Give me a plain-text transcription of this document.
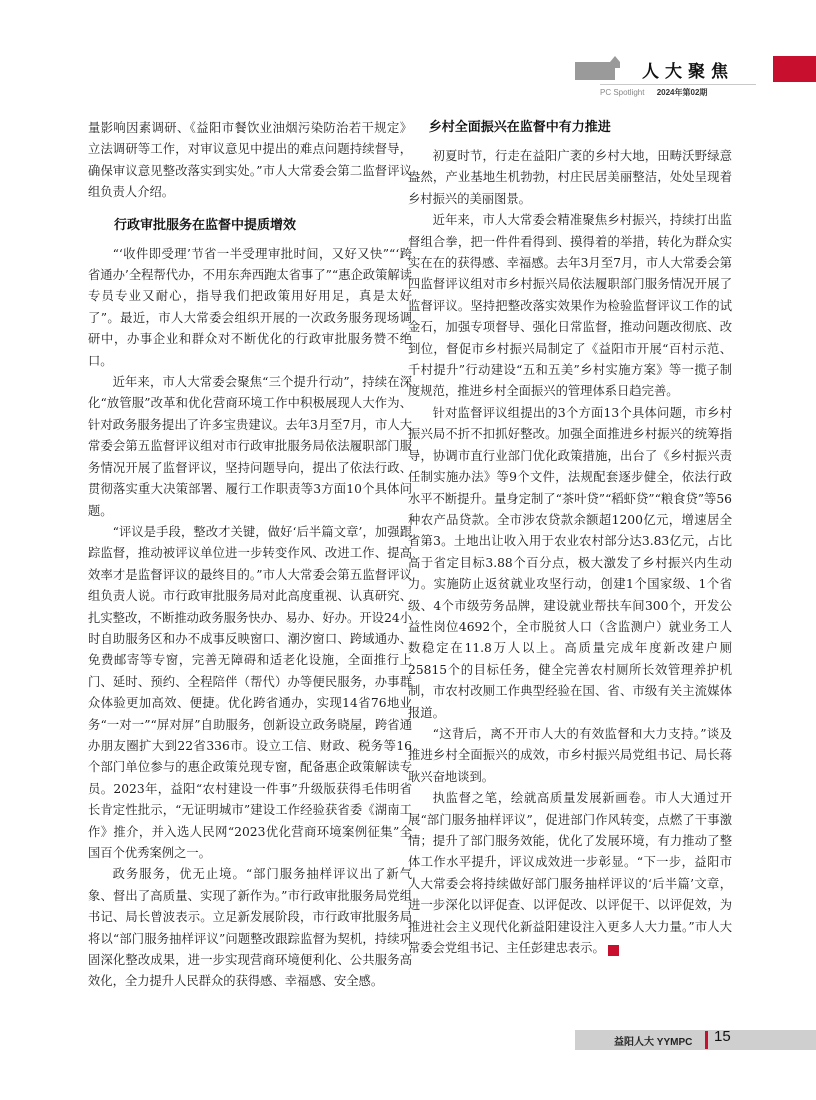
人大聚焦
PC Spotlight 2024年第02期

量影响因素调研、《益阳市餐饮业油烟污染防治若干规定》立法调研等工作，对审议意见中提出的难点问题持续督导，确保审议意见整改落实到实处。”市人大常委会第二监督评议组负责人介绍。

行政审批服务在监督中提质增效

“‘收件即受理’节省一半受理审批时间，又好又快”“‘跨省通办’全程帮代办，不用东奔西跑太省事了”“惠企政策解读专员专业又耐心，指导我们把政策用好用足，真是太好了”。最近，市人大常委会组织开展的一次政务服务现场调研中，办事企业和群众对不断优化的行政审批服务赞不绝口。

近年来，市人大常委会聚焦“三个提升行动”，持续在深化“放管服”改革和优化营商环境工作中积极展现人大作为、针对政务服务提出了许多宝贵建议。去年3月至7月，市人大常委会第五监督评议组对市行政审批服务局依法履职部门服务情况开展了监督评议，坚持问题导向，提出了依法行政、贯彻落实重大决策部署、履行工作职责等3方面10个具体问题。

“评议是手段，整改才关键，做好‘后半篇文章’，加强跟踪监督，推动被评议单位进一步转变作风、改进工作、提高效率才是监督评议的最终目的。”市人大常委会第五监督评议组负责人说。市行政审批服务局对此高度重视、认真研究、扎实整改，不断推动政务服务快办、易办、好办。开设24小时自助服务区和办不成事反映窗口、潮汐窗口、跨域通办、免费邮寄等专窗，完善无障碍和适老化设施，全面推行上门、延时、预约、全程陪伴（帮代）办等便民服务，办事群众体验更加高效、便捷。优化跨省通办，实现14省76地业务“一对一”“屏对屏”自助服务，创新设立政务晓屋，跨省通办朋友圈扩大到22省336市。设立工信、财政、税务等16个部门单位参与的惠企政策兑现专窗，配备惠企政策解读专员。2023年，益阳“农村建设一件事”升级版获得毛伟明省长肯定性批示，“无证明城市”建设工作经验获省委《湖南工作》推介，并入选人民网“2023优化营商环境案例征集”全国百个优秀案例之一。

政务服务，优无止境。“部门服务抽样评议出了新气象、督出了高质量、实现了新作为。”市行政审批服务局党组书记、局长曾波表示。立足新发展阶段，市行政审批服务局将以“部门服务抽样评议”问题整改跟踪监督为契机，持续巩固深化整改成果，进一步实现营商环境便利化、公共服务高效化，全力提升人民群众的获得感、幸福感、安全感。

乡村全面振兴在监督中有力推进

初夏时节，行走在益阳广袤的乡村大地，田畴沃野绿意盎然，产业基地生机勃勃，村庄民居美丽整洁，处处呈现着乡村振兴的美丽图景。

近年来，市人大常委会精准聚焦乡村振兴，持续打出监督组合拳，把一件件看得到、摸得着的举措，转化为群众实实在在的获得感、幸福感。去年3月至7月，市人大常委会第四监督评议组对市乡村振兴局依法履职部门服务情况开展了监督评议。坚持把整改落实效果作为检验监督评议工作的试金石，加强专项督导、强化日常监督，推动问题改彻底、改到位，督促市乡村振兴局制定了《益阳市开展“百村示范、千村提升”行动建设“五和五美”乡村实施方案》等一揽子制度规范，推进乡村全面振兴的管理体系日趋完善。

针对监督评议组提出的3个方面13个具体问题，市乡村振兴局不折不扣抓好整改。加强全面推进乡村振兴的统筹指导，协调市直行业部门优化政策措施，出台了《乡村振兴责任制实施办法》等9个文件，法规配套逐步健全，依法行政水平不断提升。量身定制了“茶叶贷”“稻虾贷”“粮食贷”等56种农产品贷款。全市涉农贷款余额超1200亿元，增速居全省第3。土地出让收入用于农业农村部分达3.83亿元，占比高于省定目标3.88个百分点，极大激发了乡村振兴内生动力。实施防止返贫就业攻坚行动，创建1个国家级、1个省级、4个市级劳务品牌，建设就业帮扶车间300个，开发公益性岗位4692个，全市脱贫人口（含监测户）就业务工人数稳定在11.8万人以上。高质量完成年度新改建户厕25815个的目标任务，健全完善农村厕所长效管理养护机制，市农村改厕工作典型经验在国、省、市级有关主流媒体报道。

“这背后，离不开市人大的有效监督和大力支持。”谈及推进乡村全面振兴的成效，市乡村振兴局党组书记、局长蒋耿兴奋地谈到。

执监督之笔，绘就高质量发展新画卷。市人大通过开展“部门服务抽样评议”，促进部门作风转变，点燃了干事激情；提升了部门服务效能，优化了发展环境，有力推动了整体工作水平提升，评议成效进一步彰显。“下一步，益阳市人大常委会将持续做好部门服务抽样评议的‘后半篇’文章，进一步深化以评促查、以评促改、以评促干、以评促效，为推进社会主义现代化新益阳建设注入更多人大力量。”市人大常委会党组书记、主任彭建忠表示。	文

益阳人大 YYMPC 15
